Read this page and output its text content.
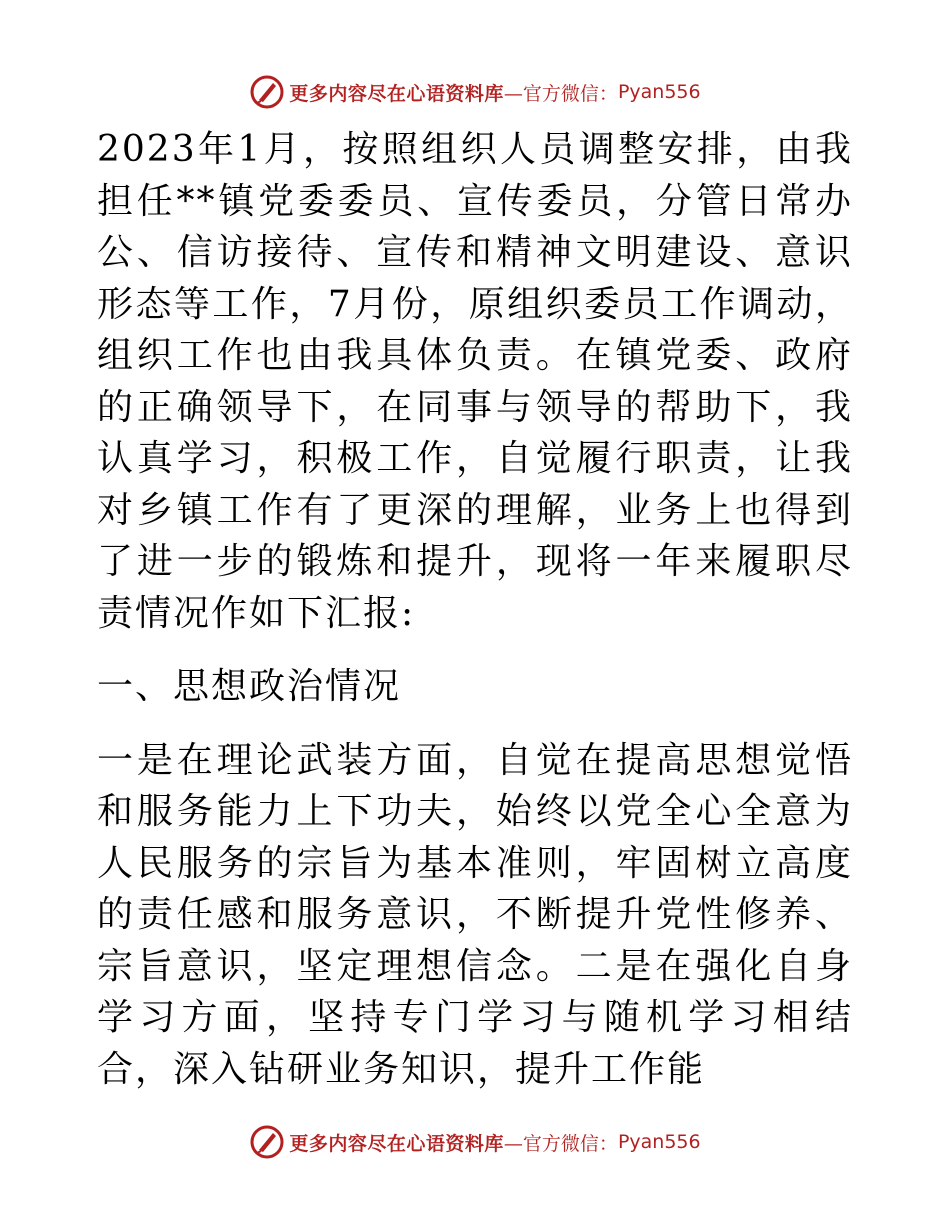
更多内容尽在心语资料库 —官方微信： Pyan556

2023年1月，按照组织人员调整安排，由我担任**镇党委委员、宣传委员，分管日常办公、信访接待、宣传和精神文明建设、意识形态等工作，7月份，原组织委员工作调动，组织工作也由我具体负责。在镇党委、政府的正确领导下，在同事与领导的帮助下，我认真学习，积极工作，自觉履行职责，让我对乡镇工作有了更深的理解，业务上也得到了进一步的锻炼和提升，现将一年来履职尽责情况作如下汇报:

一、思想政治情况

一是在理论武装方面，自觉在提高思想觉悟和服务能力上下功夫，始终以党全心全意为人民服务的宗旨为基本准则，牢固树立高度的责任感和服务意识，不断提升党性修养、宗旨意识，坚定理想信念。二是在强化自身学习方面，坚持专门学习与随机学习相结合，深入钻研业务知识，提升工作能

更多内容尽在心语资料库 —官方微信： Pyan556
